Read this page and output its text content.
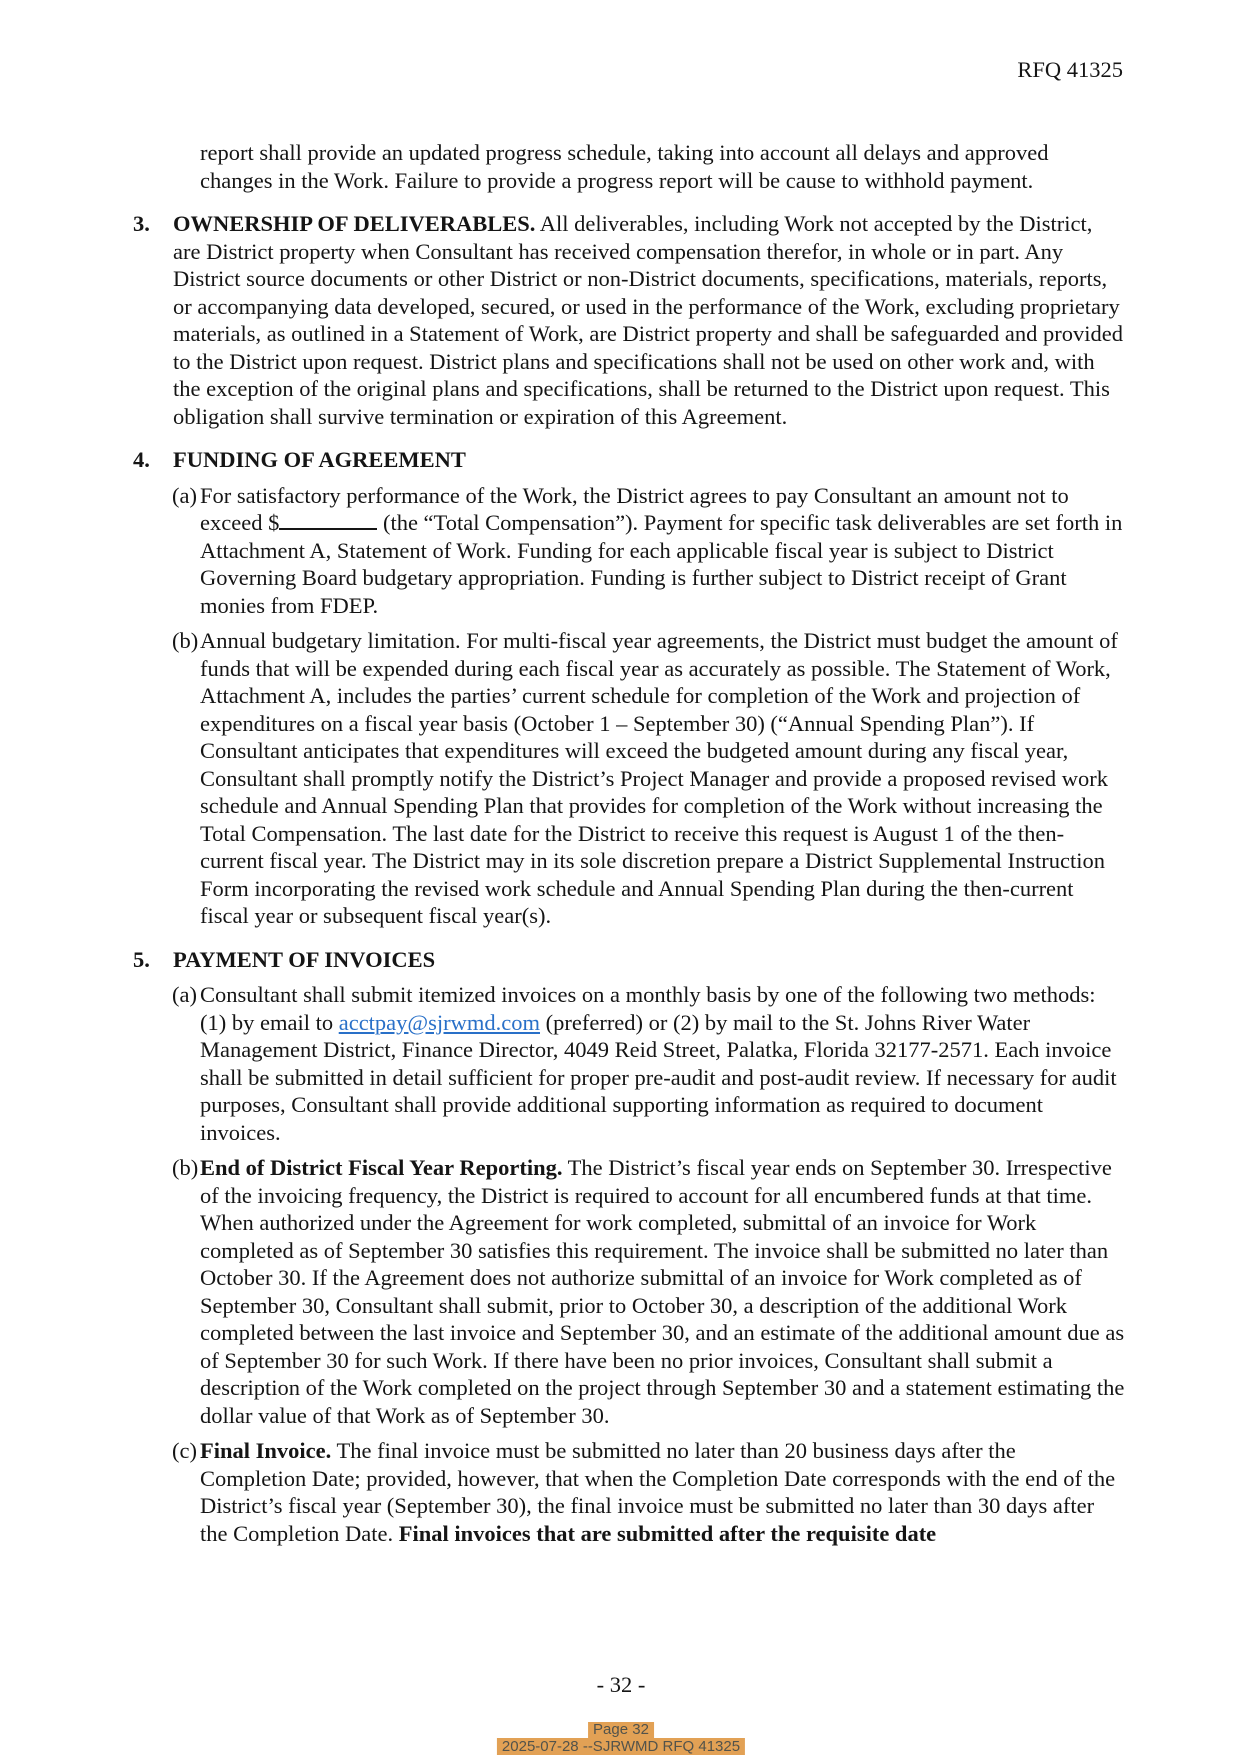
RFQ 41325

report shall provide an updated progress schedule, taking into account all delays and approved changes in the Work. Failure to provide a progress report will be cause to withhold payment.

3.	OWNERSHIP OF DELIVERABLES. All deliverables, including Work not accepted by the District, are District property when Consultant has received compensation therefor, in whole or in part. Any District source documents or other District or non-District documents, specifications, materials, reports, or accompanying data developed, secured, or used in the performance of the Work, excluding proprietary materials, as outlined in a Statement of Work, are District property and shall be safeguarded and provided to the District upon request. District plans and specifications shall not be used on other work and, with the exception of the original plans and specifications, shall be returned to the District upon request. This obligation shall survive termination or expiration of this Agreement.
4.	FUNDING OF AGREEMENT
(a) For satisfactory performance of the Work, the District agrees to pay Consultant an amount not to exceed $	(the “Total Compensation”). Payment for specific task deliverables are set forth in Attachment A, Statement of Work. Funding for each applicable fiscal year is subject to District Governing Board budgetary appropriation. Funding is further subject to District receipt of Grant monies from FDEP.
(b) Annual budgetary limitation. For multi-fiscal year agreements, the District must budget the amount of funds that will be expended during each fiscal year as accurately as possible. The Statement of Work, Attachment A, includes the parties’ current schedule for completion of the Work and projection of expenditures on a fiscal year basis (October 1 – September 30) (“Annual Spending Plan”). If Consultant anticipates that expenditures will exceed the budgeted amount during any fiscal year, Consultant shall promptly notify the District’s Project Manager and provide a proposed revised work schedule and Annual Spending Plan that provides for completion of the Work without increasing the Total Compensation. The last date for the District to receive this request is August 1 of the then-current fiscal year. The District may in its sole discretion prepare a District Supplemental Instruction Form incorporating the revised work schedule and Annual Spending Plan during the then-current fiscal year or subsequent fiscal year(s).
5.	PAYMENT OF INVOICES
(a) Consultant shall submit itemized invoices on a monthly basis by one of the following two methods: (1) by email to acctpay@sjrwmd.com (preferred) or (2) by mail to the St. Johns River Water Management District, Finance Director, 4049 Reid Street, Palatka, Florida 32177-2571. Each invoice shall be submitted in detail sufficient for proper pre-audit and post-audit review. If necessary for audit purposes, Consultant shall provide additional supporting information as required to document invoices.
(b) End of District Fiscal Year Reporting. The District’s fiscal year ends on September 30. Irrespective of the invoicing frequency, the District is required to account for all encumbered funds at that time. When authorized under the Agreement for work completed, submittal of an invoice for Work completed as of September 30 satisfies this requirement. The invoice shall be submitted no later than October 30. If the Agreement does not authorize submittal of an invoice for Work completed as of September 30, Consultant shall submit, prior to October 30, a description of the additional Work completed between the last invoice and September 30, and an estimate of the additional amount due as of September 30 for such Work. If there have been no prior invoices, Consultant shall submit a description of the Work completed on the project through September 30 and a statement estimating the dollar value of that Work as of September 30.
(c) Final Invoice. The final invoice must be submitted no later than 20 business days after the Completion Date; provided, however, that when the Completion Date corresponds with the end of the District’s fiscal year (September 30), the final invoice must be submitted no later than 30 days after the Completion Date. Final invoices that are submitted after the requisite date
- 32 -
Page 32
2025-07-28 --SJRWMD RFQ 41325
